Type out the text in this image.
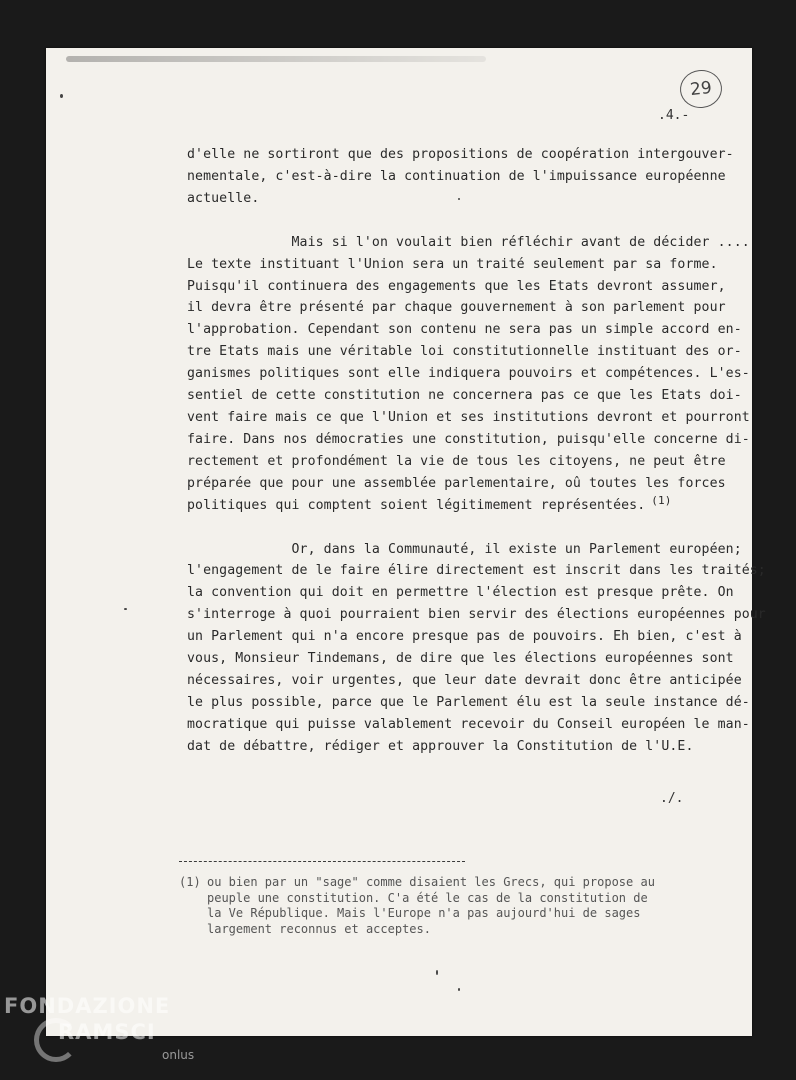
29
.4.-
d'elle ne sortiront que des propositions de coopération intergouver-
nementale, c'est-à-dire la continuation de l'impuissance européenne
actuelle.
Mais si l'on voulait bien réfléchir avant de décider ....
Le texte instituant l'Union sera un traité seulement par sa forme.
Puisqu'il continuera des engagements que les Etats devront assumer,
il devra être présenté par chaque gouvernement à son parlement pour
l'approbation. Cependant son contenu ne sera pas un simple accord en-
tre Etats mais une véritable loi constitutionnelle instituant des or-
ganismes politiques sont elle indiquera pouvoirs et compétences. L'es-
sentiel de cette constitution ne concernera pas ce que les Etats doi-
vent faire mais ce que l'Union et ses institutions devront et pourront
faire. Dans nos démocraties une constitution, puisqu'elle concerne di-
rectement et profondément la vie de tous les citoyens, ne peut être
préparée que pour une assemblée parlementaire, oû toutes les forces
politiques qui comptent soient légitimement représentées. $^{(1)}$
Or, dans la Communauté, il existe un Parlement européen;
l'engagement de le faire élire directement est inscrit dans les traités;
la convention qui doit en permettre l'élection est presque prête. On
s'interroge à quoi pourraient bien servir des élections européennes pour
un Parlement qui n'a encore presque pas de pouvoirs. Eh bien, c'est à
vous, Monsieur Tindemans, de dire que les élections européennes sont
nécessaires, voir urgentes, que leur date devrait donc être anticipée
le plus possible, parce que le Parlement élu est la seule instance dé-
mocratique qui puisse valablement recevoir du Conseil européen le man-
dat de débattre, rédiger et approuver la Constitution de l'U.E.
./.
(1) ou bien par un "sage" comme disaient les Grecs, qui propose au
peuple une constitution. C'a été le cas de la constitution de
la Ve République. Mais l'Europe n'a pas aujourd'hui de sages
largement reconnus et acceptes.
FONDAZIONE
RAMSCI
onlus
